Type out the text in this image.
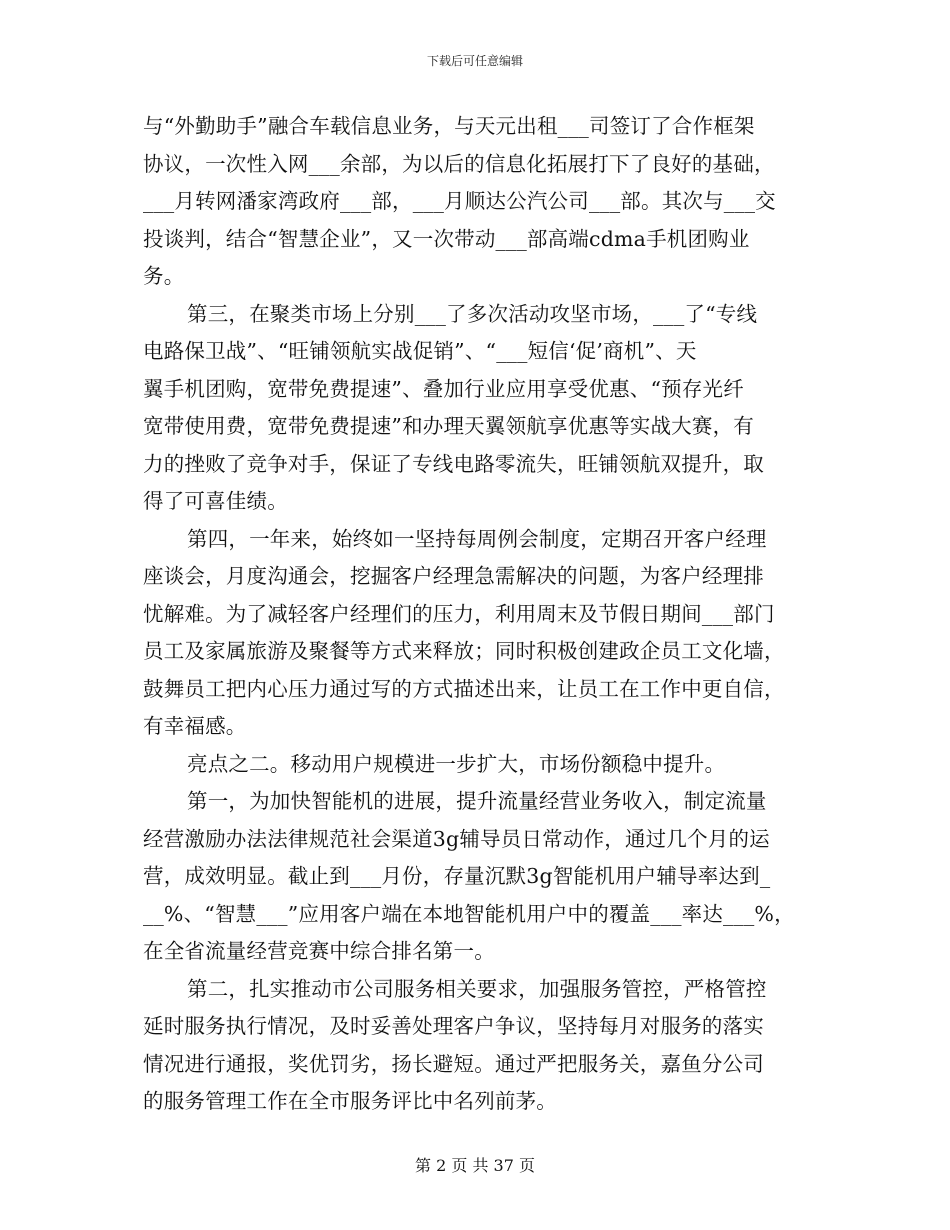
下载后可任意编辑
与“外勤助手”融合车载信息业务，与天元出租___司签订了合作框架
协议，一次性入网___余部，为以后的信息化拓展打下了良好的基础，
___月转网潘家湾政府___部，___月顺达公汽公司___部。其次与___交
投谈判，结合“智慧企业”，又一次带动___部高端cdma手机团购业
务。
第三，在聚类市场上分别___了多次活动攻坚市场，___了“专线
电路保卫战”、“旺铺领航实战促销”、“___短信‘促’商机”、天
翼手机团购，宽带免费提速”、叠加行业应用享受优惠、“预存光纤
宽带使用费，宽带免费提速”和办理天翼领航享优惠等实战大赛，有
力的挫败了竞争对手，保证了专线电路零流失，旺铺领航双提升，取
得了可喜佳绩。
第四，一年来，始终如一坚持每周例会制度，定期召开客户经理
座谈会，月度沟通会，挖掘客户经理急需解决的问题，为客户经理排
忧解难。为了减轻客户经理们的压力，利用周末及节假日期间___部门
员工及家属旅游及聚餐等方式来释放；同时积极创建政企员工文化墙，
鼓舞员工把内心压力通过写的方式描述出来，让员工在工作中更自信，
有幸福感。
亮点之二。移动用户规模进一步扩大，市场份额稳中提升。
第一，为加快智能机的进展，提升流量经营业务收入，制定流量
经营激励办法法律规范社会渠道3g辅导员日常动作，通过几个月的运
营，成效明显。截止到___月份，存量沉默3g智能机用户辅导率达到_
__%、“智慧___”应用客户端在本地智能机用户中的覆盖___率达___%，
在全省流量经营竞赛中综合排名第一。
第二，扎实推动市公司服务相关要求，加强服务管控，严格管控
延时服务执行情况，及时妥善处理客户争议，坚持每月对服务的落实
情况进行通报，奖优罚劣，扬长避短。通过严把服务关，嘉鱼分公司
的服务管理工作在全市服务评比中名列前茅。
第 2 页 共 37 页
